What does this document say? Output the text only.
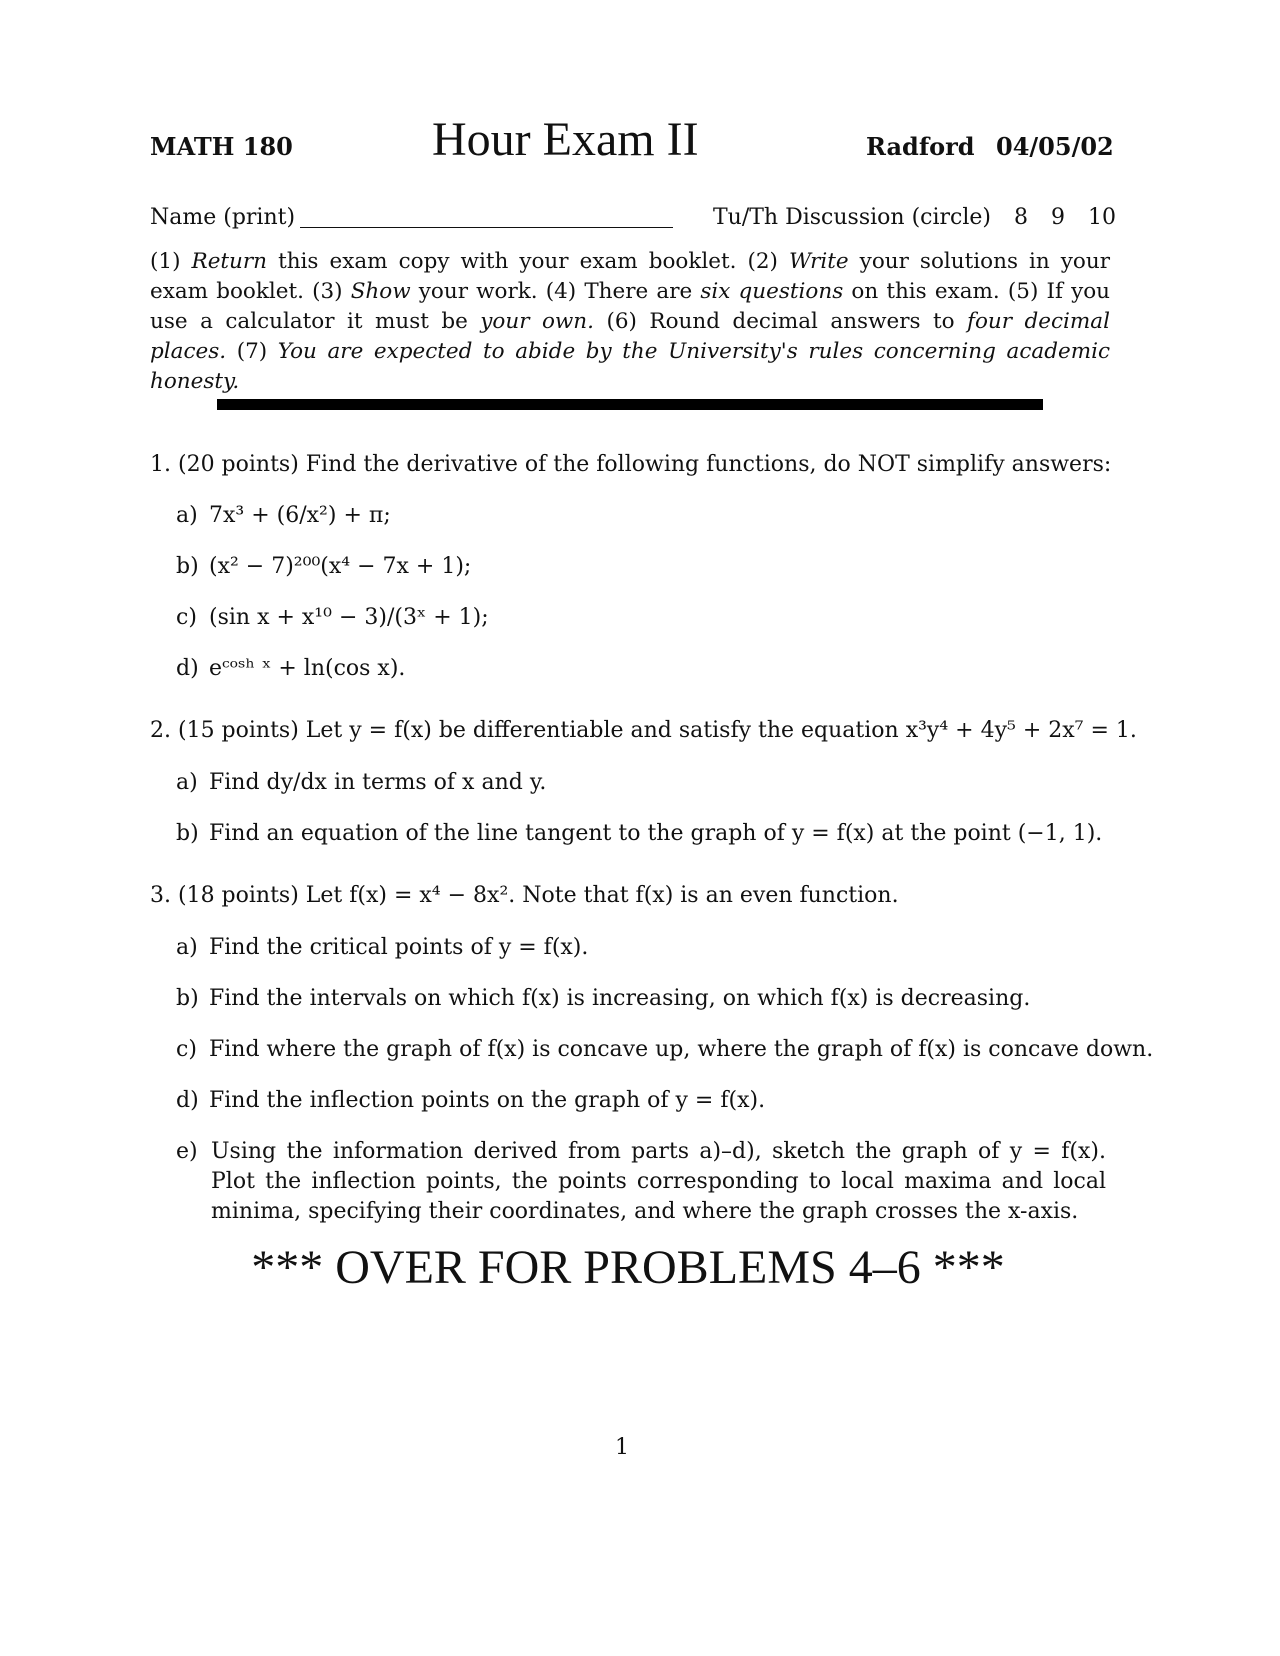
MATH 180	Hour Exam II	Radford 04/05/02
Name (print)	Tu/Th Discussion (circle) 8 9 10
(1) Return this exam copy with your exam booklet. (2) Write your solutions in your exam booklet. (3) Show your work. (4) There are six questions on this exam. (5) If you use a calculator it must be your own. (6) Round decimal answers to four decimal places. (7) You are expected to abide by the University's rules concerning academic honesty.
1. (20 points) Find the derivative of the following functions, do NOT simplify answers:
a) 7x³ + (6/x²) + π;
b) (x² − 7)²⁰⁰(x⁴ − 7x + 1);
c) (sin x + x¹⁰ − 3)/(3ˣ + 1);
d) eᶜᵒˢʰ ˣ + ln(cos x).
2. (15 points) Let y = f(x) be differentiable and satisfy the equation x³y⁴ + 4y⁵ + 2x⁷ = 1.
a) Find dy/dx in terms of x and y.
b) Find an equation of the line tangent to the graph of y = f(x) at the point (−1, 1).
3. (18 points) Let f(x) = x⁴ − 8x². Note that f(x) is an even function.
a) Find the critical points of y = f(x).
b) Find the intervals on which f(x) is increasing, on which f(x) is decreasing.
c) Find where the graph of f(x) is concave up, where the graph of f(x) is concave down.
d) Find the inflection points on the graph of y = f(x).
e) Using the information derived from parts a)–d), sketch the graph of y = f(x). Plot the inflection points, the points corresponding to local maxima and local minima, specifying their coordinates, and where the graph crosses the x-axis.
*** OVER FOR PROBLEMS 4–6 ***
1
